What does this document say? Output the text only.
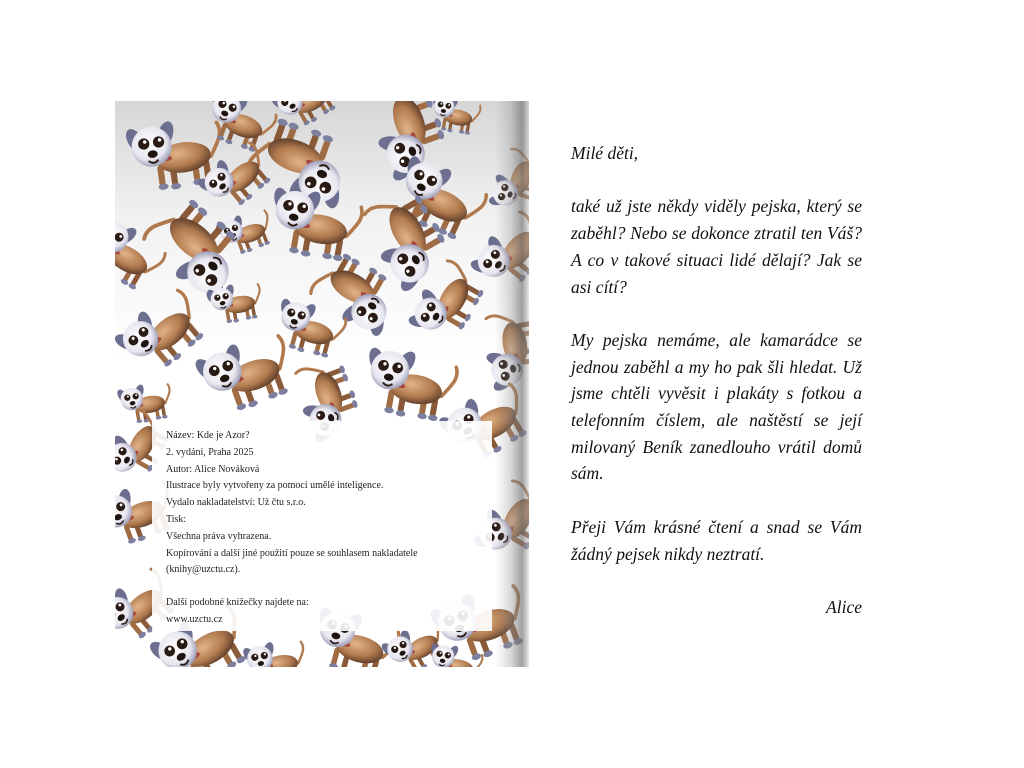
Název: Kde je Azor?
2. vydání, Praha 2025
Autor: Alice Nováková
Ilustrace byly vytvořeny za pomoci umělé inteligence.
Vydalo nakladatelství: Už čtu s.r.o.
Tisk:
Všechna práva vyhrazena.
Kopírování a další jiné použití pouze se souhlasem nakladatele
(knihy@uzctu.cz).
Další podobné knížečky najdete na:
www.uzctu.cz

Milé děti,

také už jste někdy viděly pejska, který se zaběhl? Nebo se dokonce ztratil ten Váš? A co v takové situaci lidé dělají? Jak se asi cítí?

My pejska nemáme, ale kamarádce se jednou zaběhl a my ho pak šli hledat. Už jsme chtěli vyvěsit i plakáty s fotkou a telefonním číslem, ale naštěstí se její milovaný Beník zanedlouho vrátil domů sám.

Přeji Vám krásné čtení a snad se Vám žádný pejsek nikdy neztratí.

Alice
